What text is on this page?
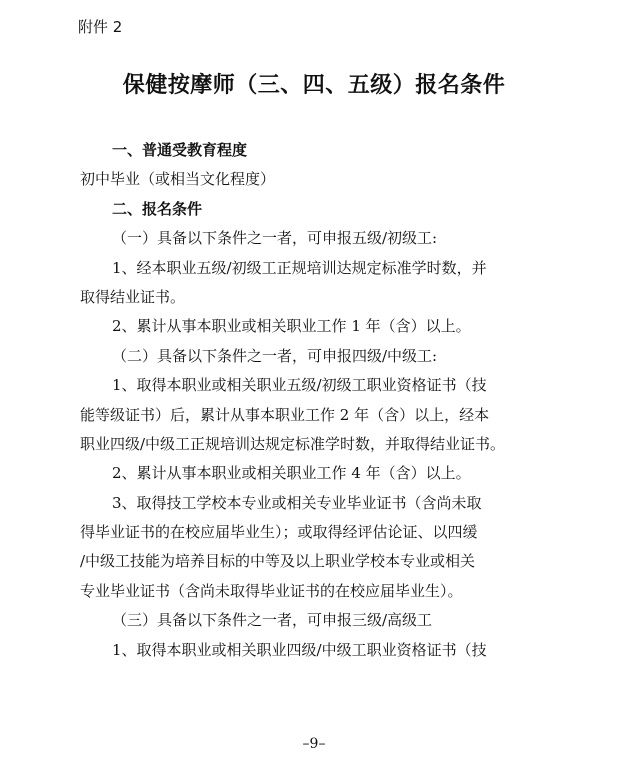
附件 2
保健按摩师（三、四、五级）报名条件
一、普通受教育程度
初中毕业（或相当文化程度）
二、报名条件
（一）具备以下条件之一者，可申报五级/初级工:
1、经本职业五级/初级工正规培训达规定标准学时数，并
取得结业证书。
2、累计从事本职业或相关职业工作 1 年（含）以上。
（二）具备以下条件之一者，可申报四级/中级工:
1、取得本职业或相关职业五级/初级工职业资格证书（技
能等级证书）后，累计从事本职业工作 2 年（含）以上，经本
职业四级/中级工正规培训达规定标准学时数，并取得结业证书。
2、累计从事本职业或相关职业工作 4 年（含）以上。
3、取得技工学校本专业或相关专业毕业证书（含尚未取
得毕业证书的在校应届毕业生）；或取得经评估论证、以四缓
/中级工技能为培养目标的中等及以上职业学校本专业或相关
专业毕业证书（含尚未取得毕业证书的在校应届毕业生）。
（三）具备以下条件之一者，可申报三级/高级工
1、取得本职业或相关职业四级/中级工职业资格证书（技
–9–
